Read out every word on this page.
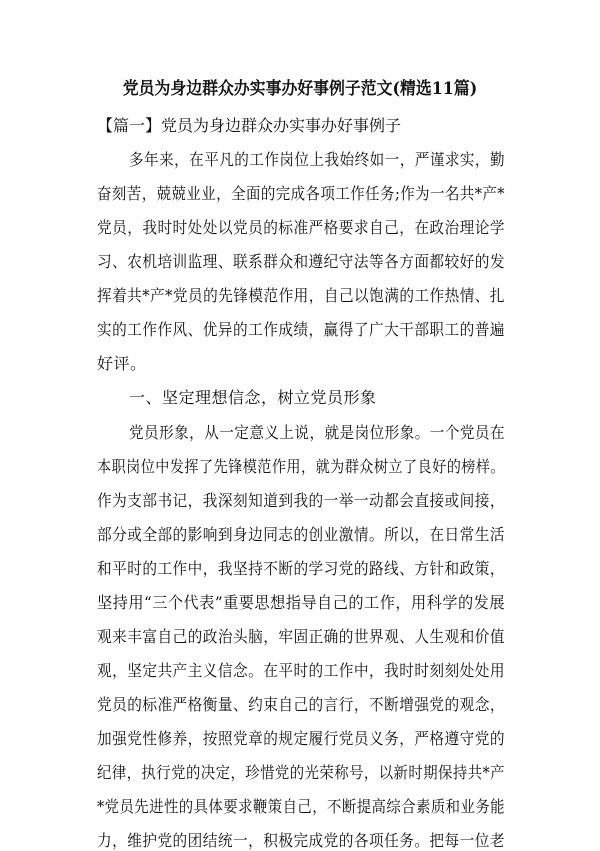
党员为身边群众办实事办好事例子范文(精选11篇)
【篇一】党员为身边群众办实事办好事例子
多年来，在平凡的工作岗位上我始终如一，严谨求实，勤
奋刻苦，兢兢业业，全面的完成各项工作任务;作为一名共*产*
党员，我时时处处以党员的标准严格要求自己，在政治理论学
习、农机培训监理、联系群众和遵纪守法等各方面都较好的发
挥着共*产*党员的先锋模范作用，自己以饱满的工作热情、扎
实的工作作风、优异的工作成绩，赢得了广大干部职工的普遍
好评。
一、坚定理想信念，树立党员形象
党员形象，从一定意义上说，就是岗位形象。一个党员在
本职岗位中发挥了先锋模范作用，就为群众树立了良好的榜样。
作为支部书记，我深刻知道到我的一举一动都会直接或间接，
部分或全部的影响到身边同志的创业激情。所以，在日常生活
和平时的工作中，我坚持不断的学习党的路线、方针和政策，
坚持用“三个代表”重要思想指导自己的工作，用科学的发展
观来丰富自己的政治头脑，牢固正确的世界观、人生观和价值
观，坚定共产主义信念。在平时的工作中，我时时刻刻处处用
党员的标准严格衡量、约束自己的言行，不断增强党的观念，
加强党性修养，按照党章的规定履行党员义务，严格遵守党的
纪律，执行党的决定，珍惜党的光荣称号，以新时期保持共*产
*党员先进性的具体要求鞭策自己，不断提高综合素质和业务能
力，维护党的团结统一，积极完成党的各项任务。把每一位老
